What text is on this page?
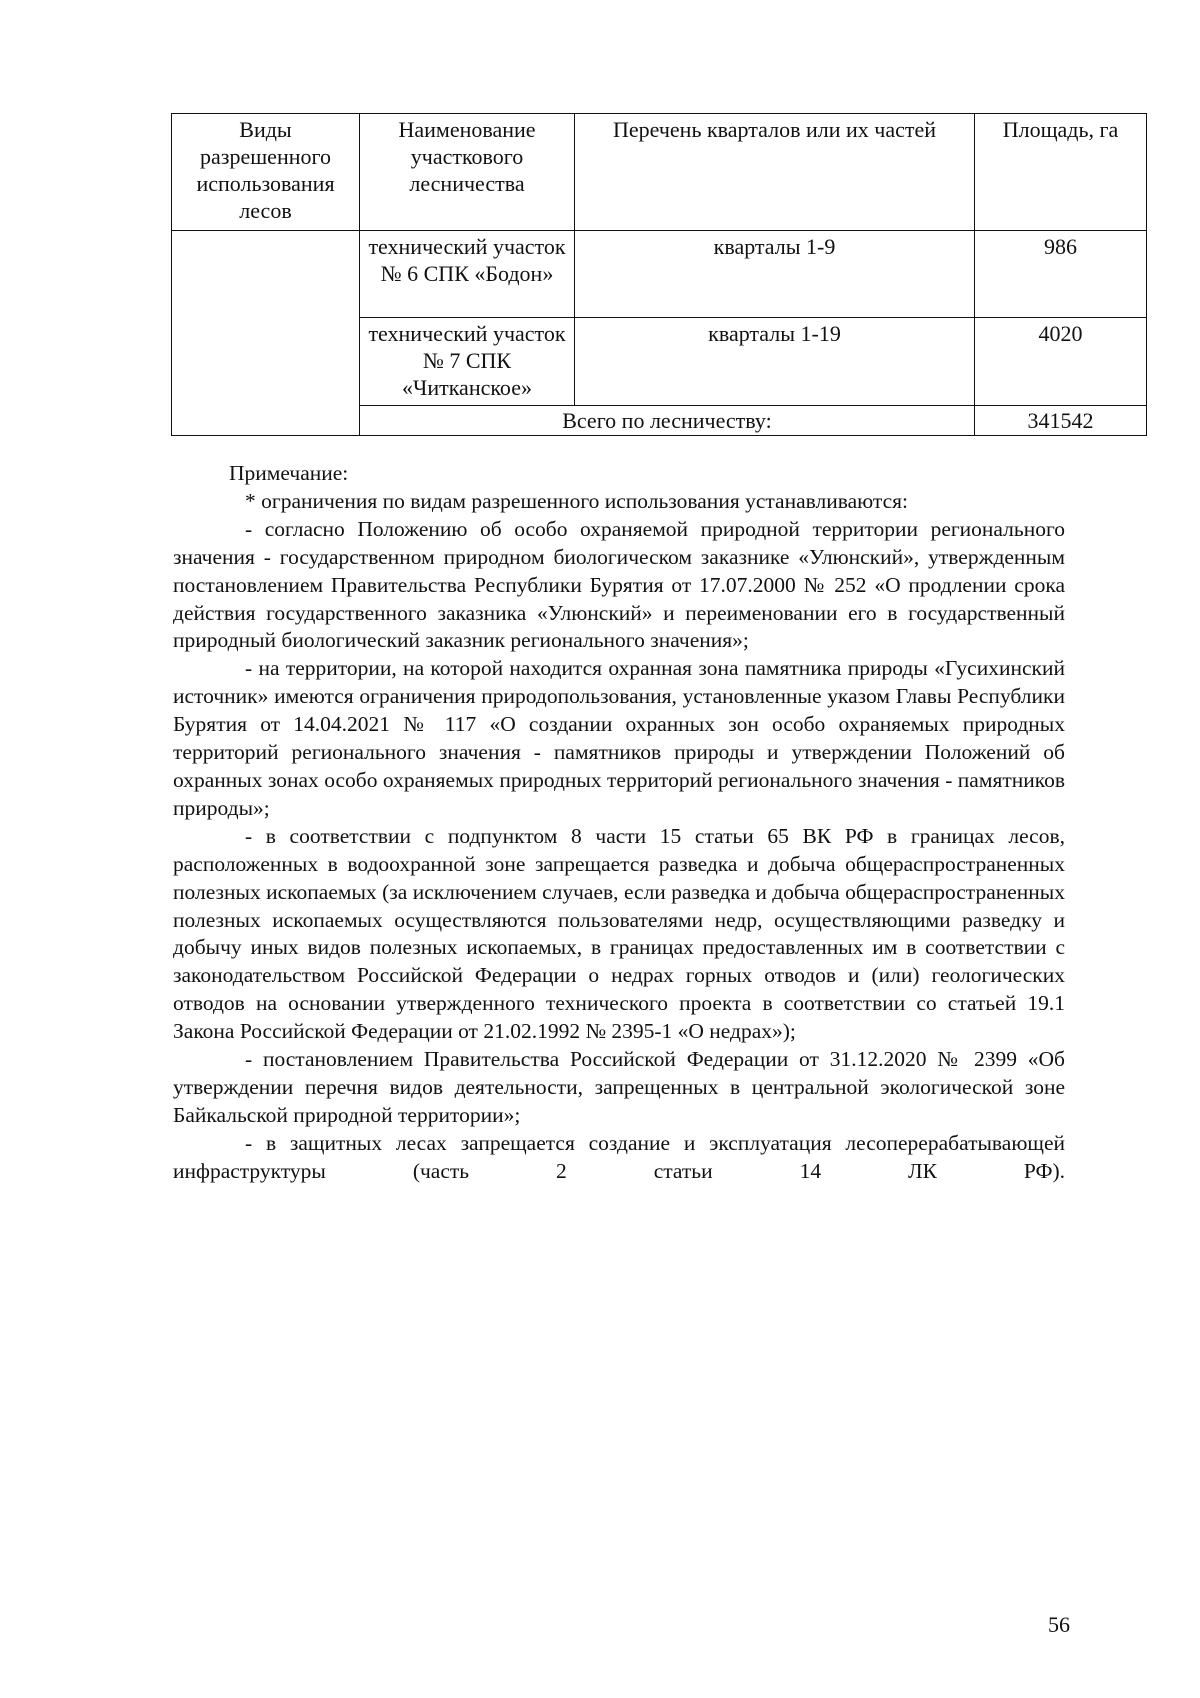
Виды разрешенного использования лесов	Наименование участкового лесничества	Перечень кварталов или их частей	Площадь, га
	технический участок № 6 СПК «Бодон»	кварталы 1-9	986
	технический участок № 7 СПК «Читканское»	кварталы 1-19	4020
	Всего по лесничеству:		341542

Примечание:

* ограничения по видам разрешенного использования устанавливаются:

- согласно Положению об особо охраняемой природной территории регионального значения - государственном природном биологическом заказнике «Улюнский», утвержденным постановлением Правительства Республики Бурятия от 17.07.2000 № 252 «О продлении срока действия государственного заказника «Улюнский» и переименовании его в государственный природный биологический заказник регионального значения»;

- на территории, на которой находится охранная зона памятника природы «Гусихинский источник» имеются ограничения природопользования, установленные указом Главы Республики Бурятия от 14.04.2021 № 117 «О создании охранных зон особо охраняемых природных территорий регионального значения - памятников природы и утверждении Положений об охранных зонах особо охраняемых природных территорий регионального значения - памятников природы»;

- в соответствии с подпунктом 8 части 15 статьи 65 ВК РФ в границах лесов, расположенных в водоохранной зоне запрещается разведка и добыча общераспространенных полезных ископаемых (за исключением случаев, если разведка и добыча общераспространенных полезных ископаемых осуществляются пользователями недр, осуществляющими разведку и добычу иных видов полезных ископаемых, в границах предоставленных им в соответствии с законодательством Российской Федерации о недрах горных отводов и (или) геологических отводов на основании утвержденного технического проекта в соответствии со статьей 19.1 Закона Российской Федерации от 21.02.1992 № 2395-1 «О недрах»);

- постановлением Правительства Российской Федерации от 31.12.2020 № 2399 «Об утверждении перечня видов деятельности, запрещенных в центральной экологической зоне Байкальской природной территории»;

- в защитных лесах запрещается создание и эксплуатация лесоперерабатывающей инфраструктуры (часть 2 статьи 14 ЛК РФ).

56
